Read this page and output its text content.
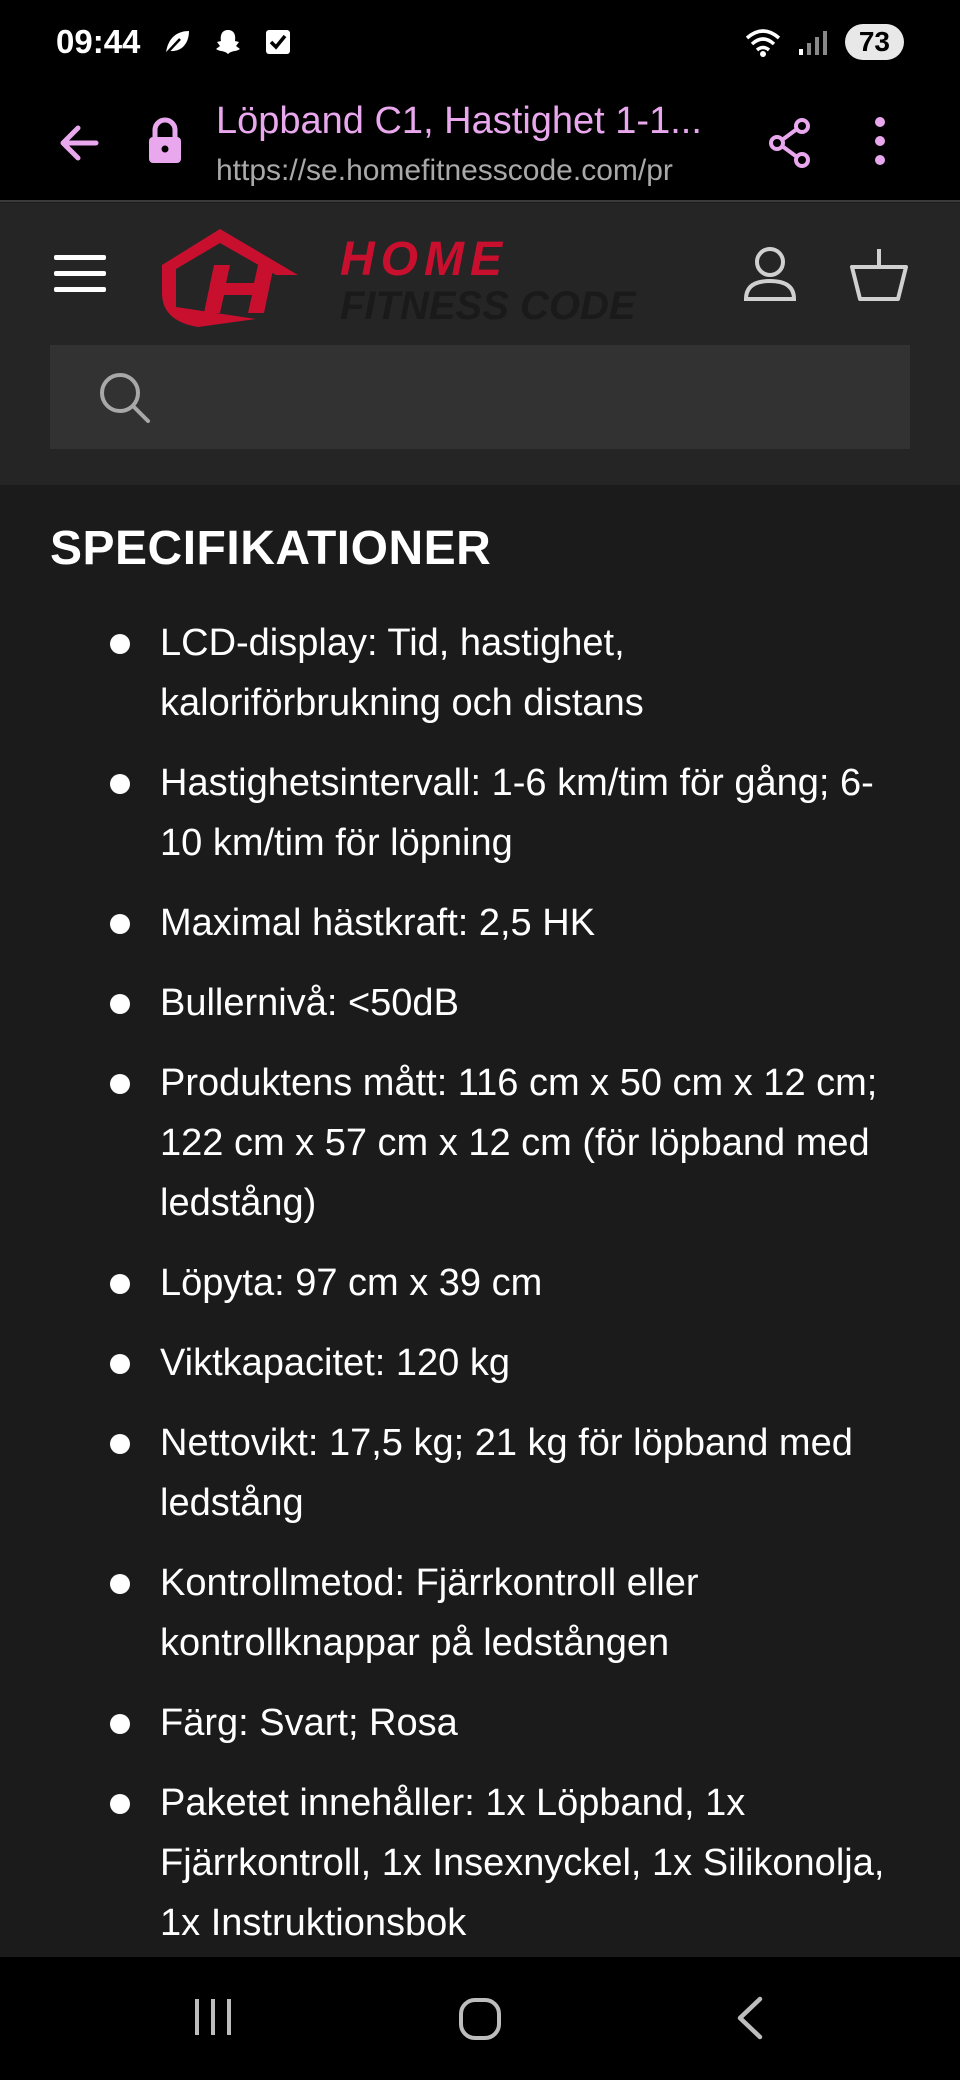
09:44	73
Löpband C1, Hastighet 1-1...
https://se.homefitnesscode.com/pr
HOME
FITNESS CODE
SPECIFIKATIONER
LCD-display: Tid, hastighet, kaloriförbrukning och distans
Hastighetsintervall: 1-6 km/tim för gång; 6-10 km/tim för löpning
Maximal hästkraft: 2,5 HK
Bullernivå: <50dB
Produktens mått: 116 cm x 50 cm x 12 cm; 122 cm x 57 cm x 12 cm (för löpband med ledstång)
Löpyta: 97 cm x 39 cm
Viktkapacitet: 120 kg
Nettovikt: 17,5 kg; 21 kg för löpband med ledstång
Kontrollmetod: Fjärrkontroll eller kontrollknappar på ledstången
Färg: Svart; Rosa
Paketet innehåller: 1x Löpband, 1x Fjärrkontroll, 1x Insexnyckel, 1x Silikonolja, 1x Instruktionsbok
